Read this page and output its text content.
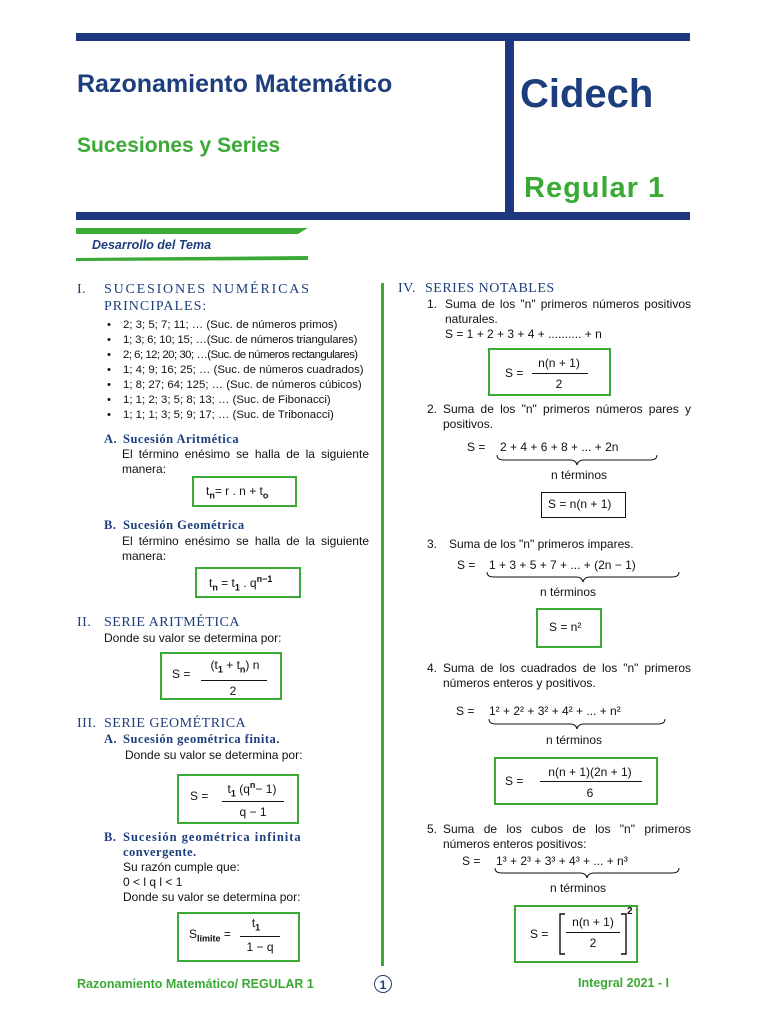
Razonamiento Matemático
Sucesiones y Series
Cidech
Regular 1
Desarrollo del Tema
I. SUCESIONES NUMÉRICAS
PRINCIPALES:
• 2; 3; 5; 7; 11; … (Suc. de números primos)
• 1; 3; 6; 10; 15; …(Suc. de números triangulares)
• 2; 6; 12; 20; 30; …(Suc. de números rectangulares)
• 1; 4; 9; 16; 25; … (Suc. de números cuadrados)
• 1; 8; 27; 64; 125; … (Suc. de números cúbicos)
• 1; 1; 2; 3; 5; 8; 13; … (Suc. de Fibonacci)
• 1; 1; 1; 3; 5; 9; 17; … (Suc. de Tribonacci)
A. Sucesión Aritmética
El término enésimo se halla de la siguiente
manera:
$t_n= r$ . $n + t_o$
B. Sucesión Geométrica
El término enésimo se halla de la siguiente
manera:
$t_n = t_1$ . $q^{n-1}$
II. SERIE ARITMÉTICA
Donde su valor se determina por:
S =
$(t_1 + t_n)$ n
2
III. SERIE GEOMÉTRICA
A. Sucesión geométrica finita.
Donde su valor se determina por:
S =	$t_1$ $(q^n- 1)$
q − 1
B. Sucesión geométrica infinita
convergente.
Su razón cumple que:
0 < l q l < 1
Donde su valor se determina por:
$S_{límite}$ =
$t_1$
1 − q
IV. SERIES NOTABLES
1. Suma de los "n" primeros números positivos
naturales.
S = 1 + 2 + 3 + 4 + .......... + n
S =
n(n + 1)
2
2. Suma de los "n" primeros números pares y
positivos.
S = 2 + 4 + 6 + 8 + ... + 2n
n términos
S = n(n + 1)
3. Suma de los "n" primeros impares.
S = 1 + 3 + 5 + 7 + ... + (2n − 1)
n términos
S = n²
4. Suma de los cuadrados de los "n" primeros
números enteros y positivos.
S = 1² + 2² + 3² + 4² + ... + n²
n términos
S =
n(n + 1)(2n + 1)
6
5. Suma de los cubos de los "n" primeros
números enteros positivos:
S = 1³ + 2³ + 3³ + 4³ + ... + n³
n términos
S =
n(n + 1)
2
2
Razonamiento Matemático/ REGULAR 1	1	Integral 2021 - I
